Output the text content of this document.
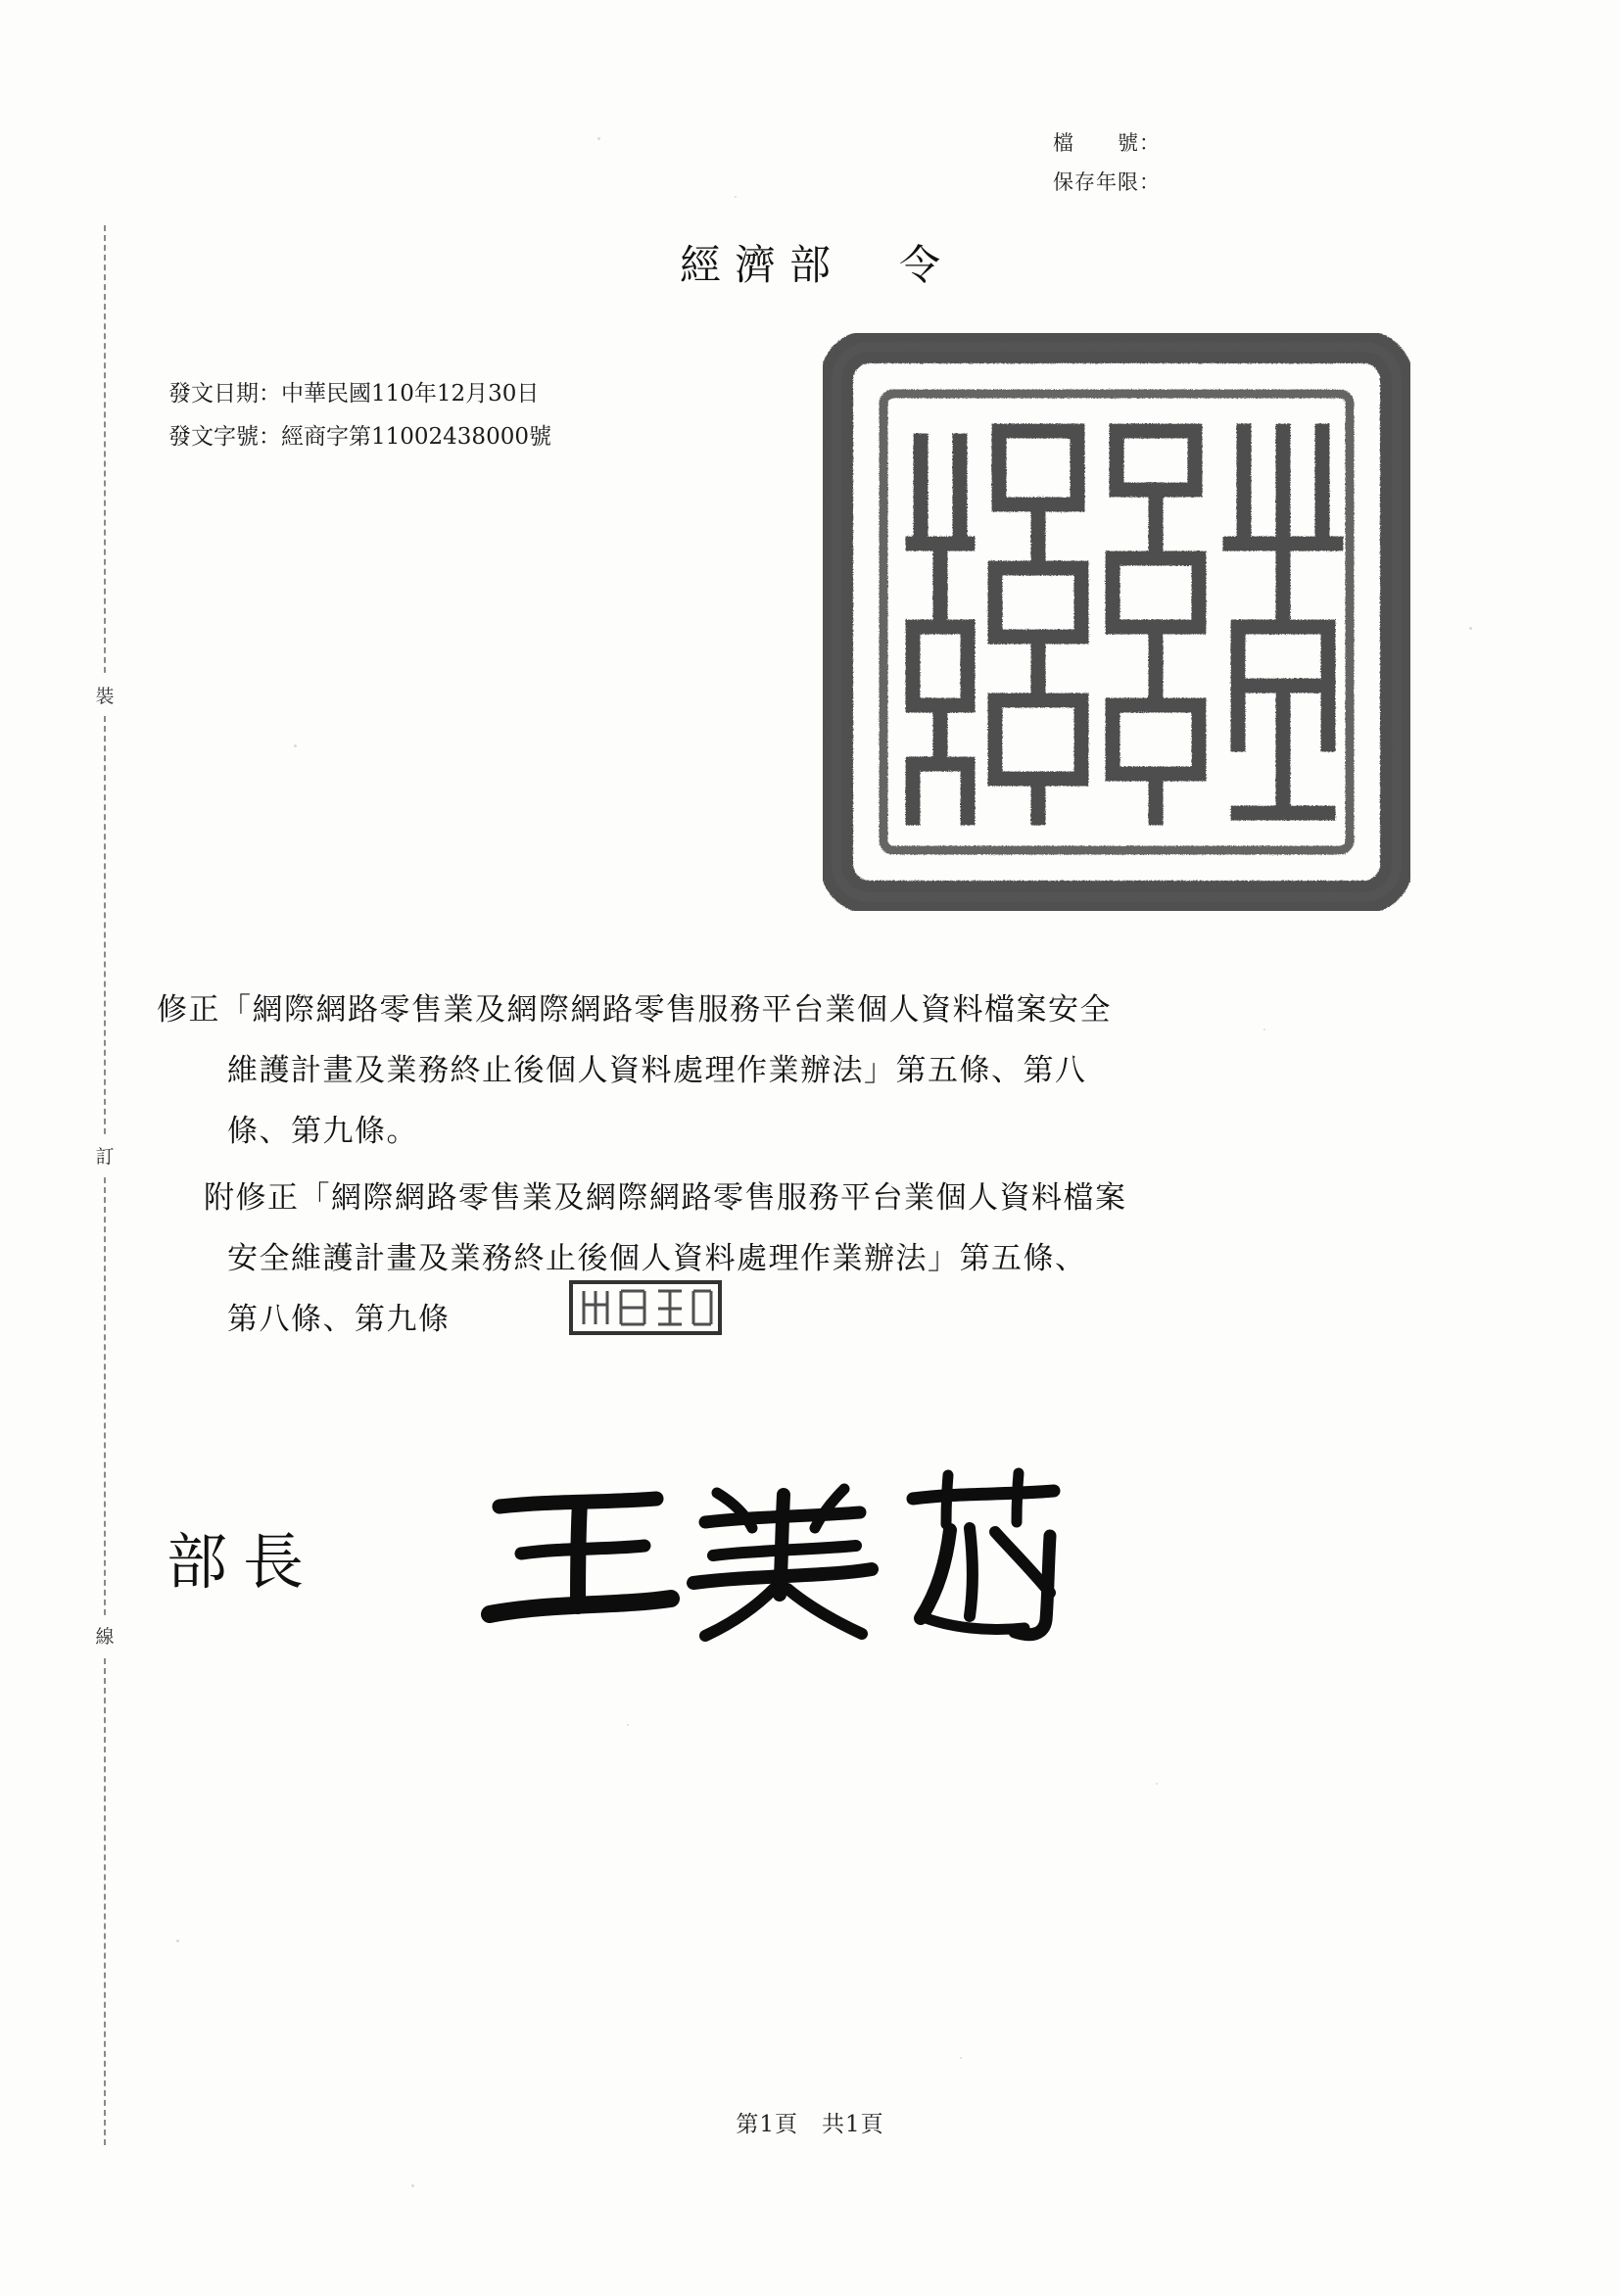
檔　　號：
保存年限：
經濟部　令
發文日期：中華民國110年12月30日
發文字號：經商字第11002438000號

修正「網際網路零售業及網際網路零售服務平台業個人資料檔案安全

維護計畫及業務終止後個人資料處理作業辦法」第五條、第八

條、第九條。

附修正「網際網路零售業及網際網路零售服務平台業個人資料檔案

安全維護計畫及業務終止後個人資料處理作業辦法」第五條、

第八條、第九條

部長
裝
訂
線
第1頁　共1頁
